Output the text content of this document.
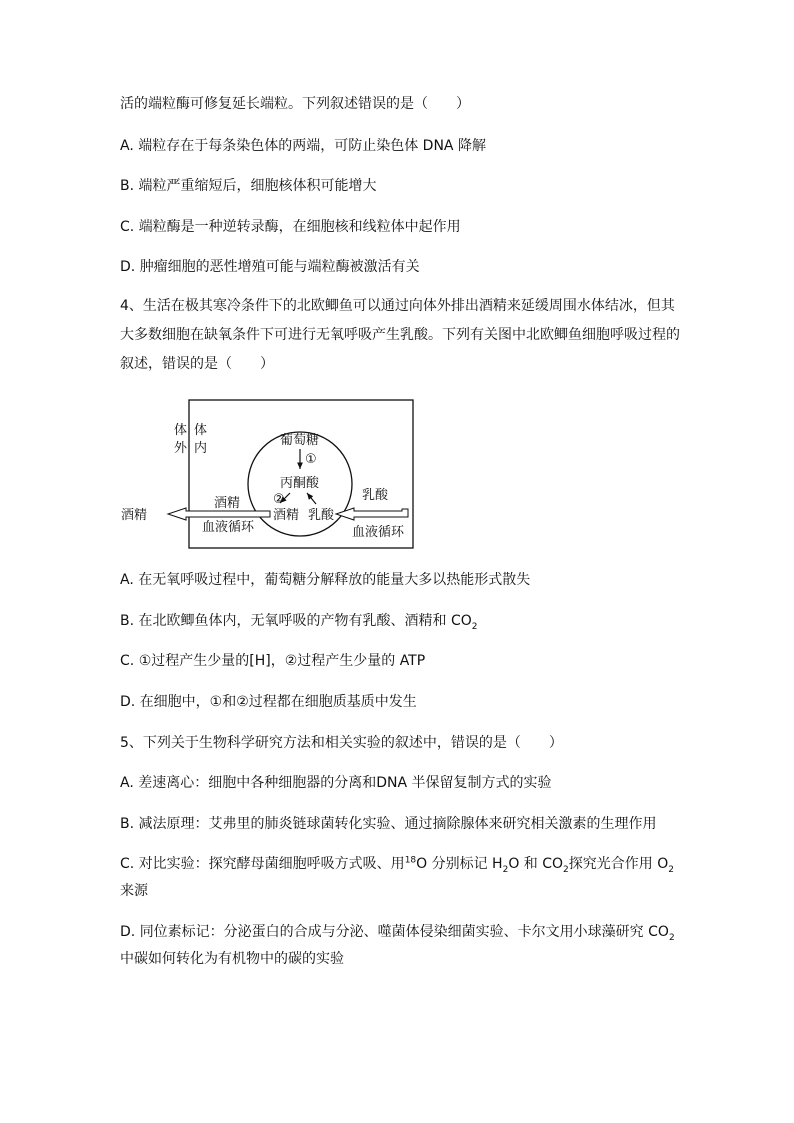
活的端粒酶可修复延长端粒。下列叙述错误的是（　　）
A. 端粒存在于每条染色体的两端，可防止染色体 DNA 降解
B. 端粒严重缩短后，细胞核体积可能增大
C. 端粒酶是一种逆转录酶，在细胞核和线粒体中起作用
D. 肿瘤细胞的恶性增殖可能与端粒酶被激活有关
4、生活在极其寒冷条件下的北欧鲫鱼可以通过向体外排出酒精来延缓周围水体结冰，但其
大多数细胞在缺氧条件下可进行无氧呼吸产生乳酸。下列有关图中北欧鲫鱼细胞呼吸过程的
叙述，错误的是（　　）
体
外
体
内
葡萄糖
①
丙酮酸
②
酒精 乳酸
酒精
血液循环
酒精
乳酸
血液循环
A. 在无氧呼吸过程中，葡萄糖分解释放的能量大多以热能形式散失
B. 在北欧鲫鱼体内，无氧呼吸的产物有乳酸、酒精和 $CO_2$
C. ①过程产生少量的[H]，②过程产生少量的 ATP
D. 在细胞中，①和②过程都在细胞质基质中发生
5、下列关于生物科学研究方法和相关实验的叙述中，错误的是（　　）
A. 差速离心：细胞中各种细胞器的分离和DNA 半保留复制方式的实验
B. 减法原理：艾弗里的肺炎链球菌转化实验、通过摘除腺体来研究相关激素的生理作用
C. 对比实验：探究酵母菌细胞呼吸方式吸、用$^{18}$O 分别标记 $H_2O$ 和 $CO_2$探究光合作用 $O_2$
来源
D. 同位素标记：分泌蛋白的合成与分泌、噬菌体侵染细菌实验、卡尔文用小球藻研究 $CO_2$
中碳如何转化为有机物中的碳的实验
